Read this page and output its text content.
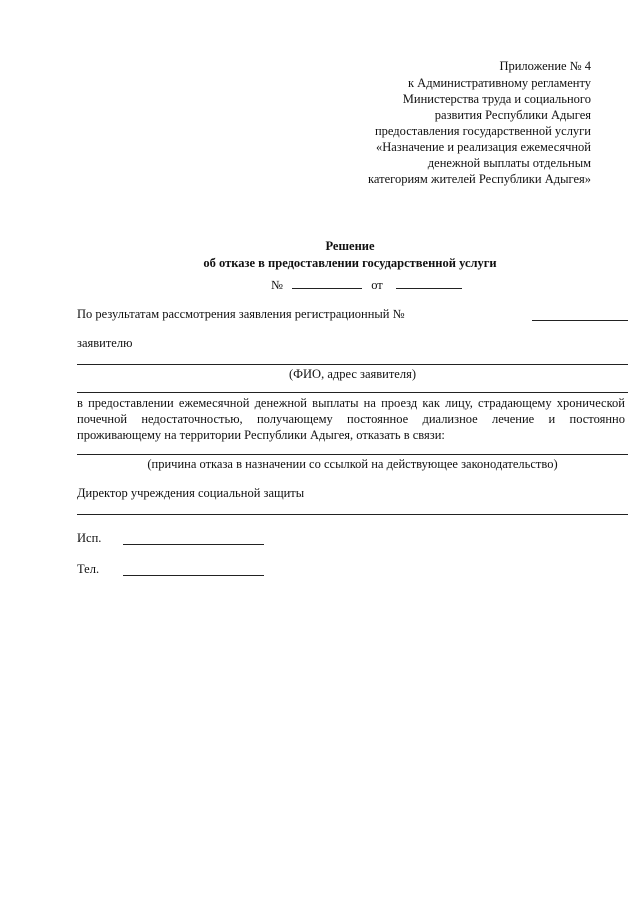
Приложение № 4
к Административному регламенту
Министерства труда и социального
развития Республики Адыгея
предоставления государственной услуги
«Назначение и реализация ежемесячной
денежной выплаты отдельным
категориям жителей Республики Адыгея»
Решение
об отказе в предоставлении государственной услуги
№	от
По результатам рассмотрения заявления регистрационный №
заявителю
(ФИО, адрес заявителя)
в предоставлении ежемесячной денежной выплаты на проезд как лицу, страдающему хронической
почечной недостаточностью, получающему постоянное диализное лечение и постоянно
проживающему на территории Республики Адыгея, отказать в связи:
(причина отказа в назначении со ссылкой на действующее законодательство)
Директор учреждения социальной защиты
Исп.
Тел.
